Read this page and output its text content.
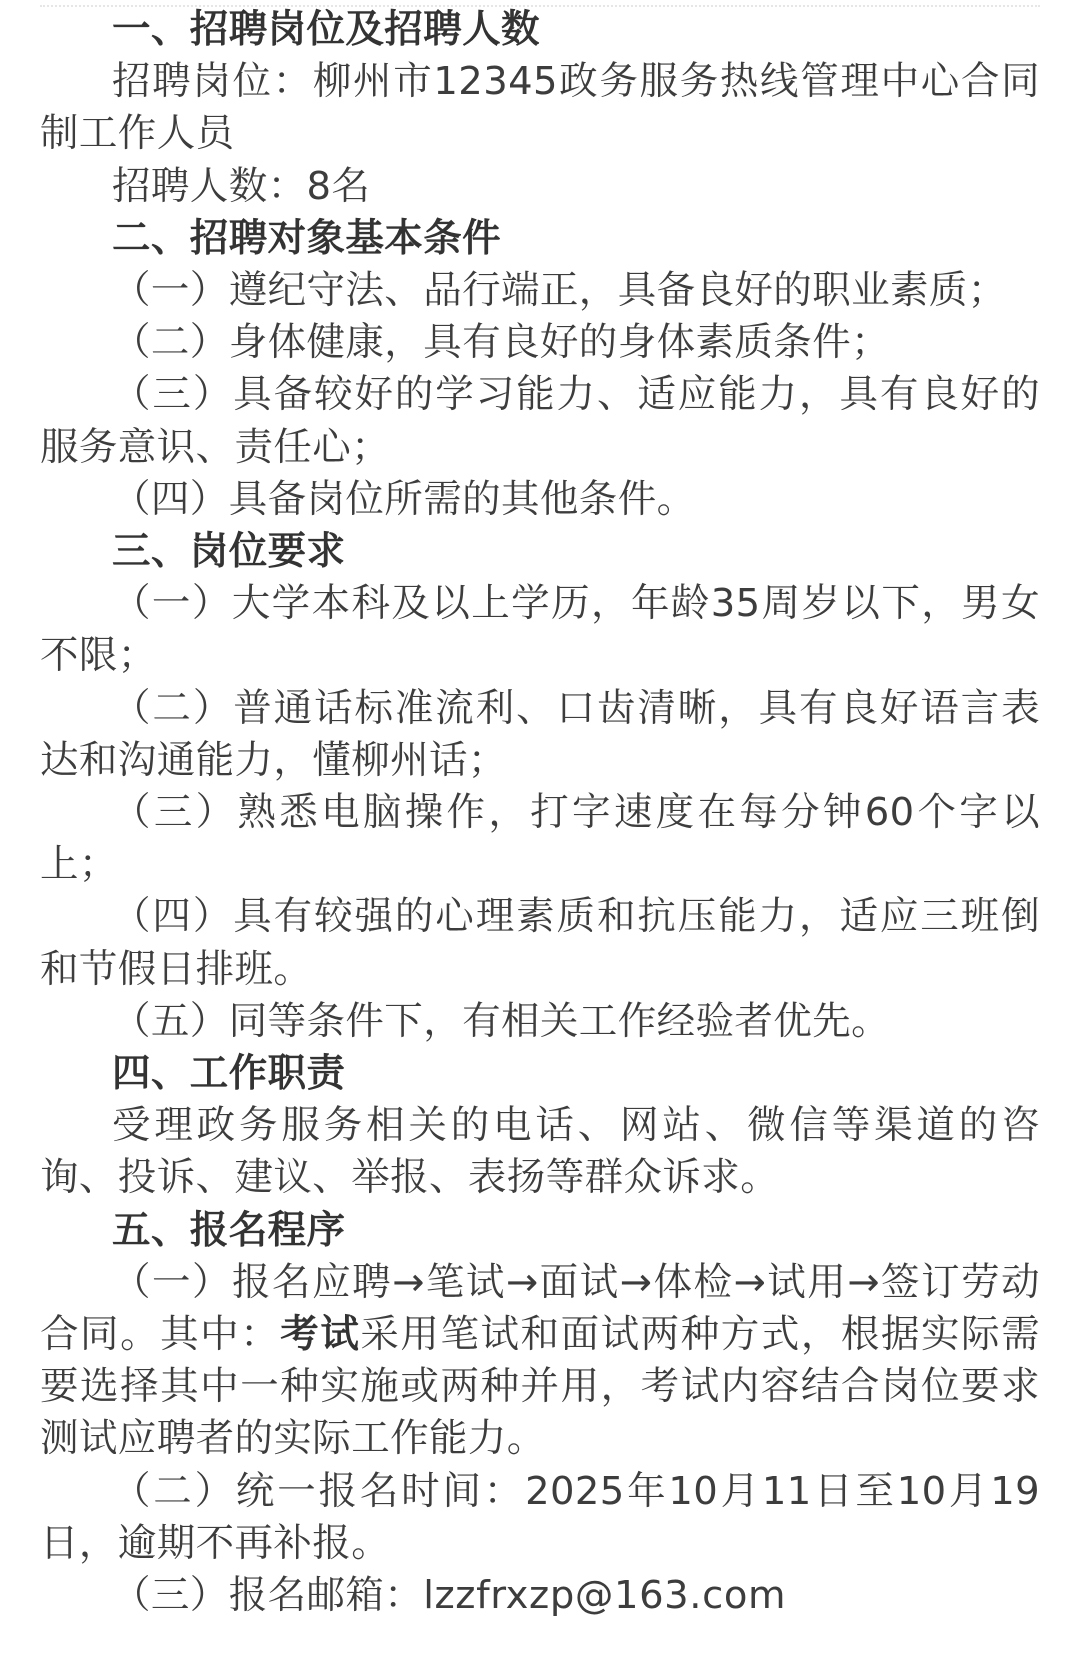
一、招聘岗位及招聘人数

招聘岗位：柳州市12345政务服务热线管理中心合同制工作人员

招聘人数：8名

二、招聘对象基本条件

（一）遵纪守法、品行端正，具备良好的职业素质；

（二）身体健康，具有良好的身体素质条件；

（三）具备较好的学习能力、适应能力，具有良好的服务意识、责任心；

（四）具备岗位所需的其他条件。

三、岗位要求

（一）大学本科及以上学历，年龄35周岁以下，男女不限；

（二）普通话标准流利、口齿清晰，具有良好语言表达和沟通能力，懂柳州话；

（三）熟悉电脑操作，打字速度在每分钟60个字以上；

（四）具有较强的心理素质和抗压能力，适应三班倒和节假日排班。

（五）同等条件下，有相关工作经验者优先。

四、工作职责

受理政务服务相关的电话、网站、微信等渠道的咨询、投诉、建议、举报、表扬等群众诉求。

五、报名程序

（一）报名应聘→笔试→面试→体检→试用→签订劳动合同。其中：考试采用笔试和面试两种方式，根据实际需要选择其中一种实施或两种并用，考试内容结合岗位要求测试应聘者的实际工作能力。

（二）统一报名时间：2025年10月11日至10月19日，逾期不再补报。

（三）报名邮箱：lzzfrxzp@163.com
